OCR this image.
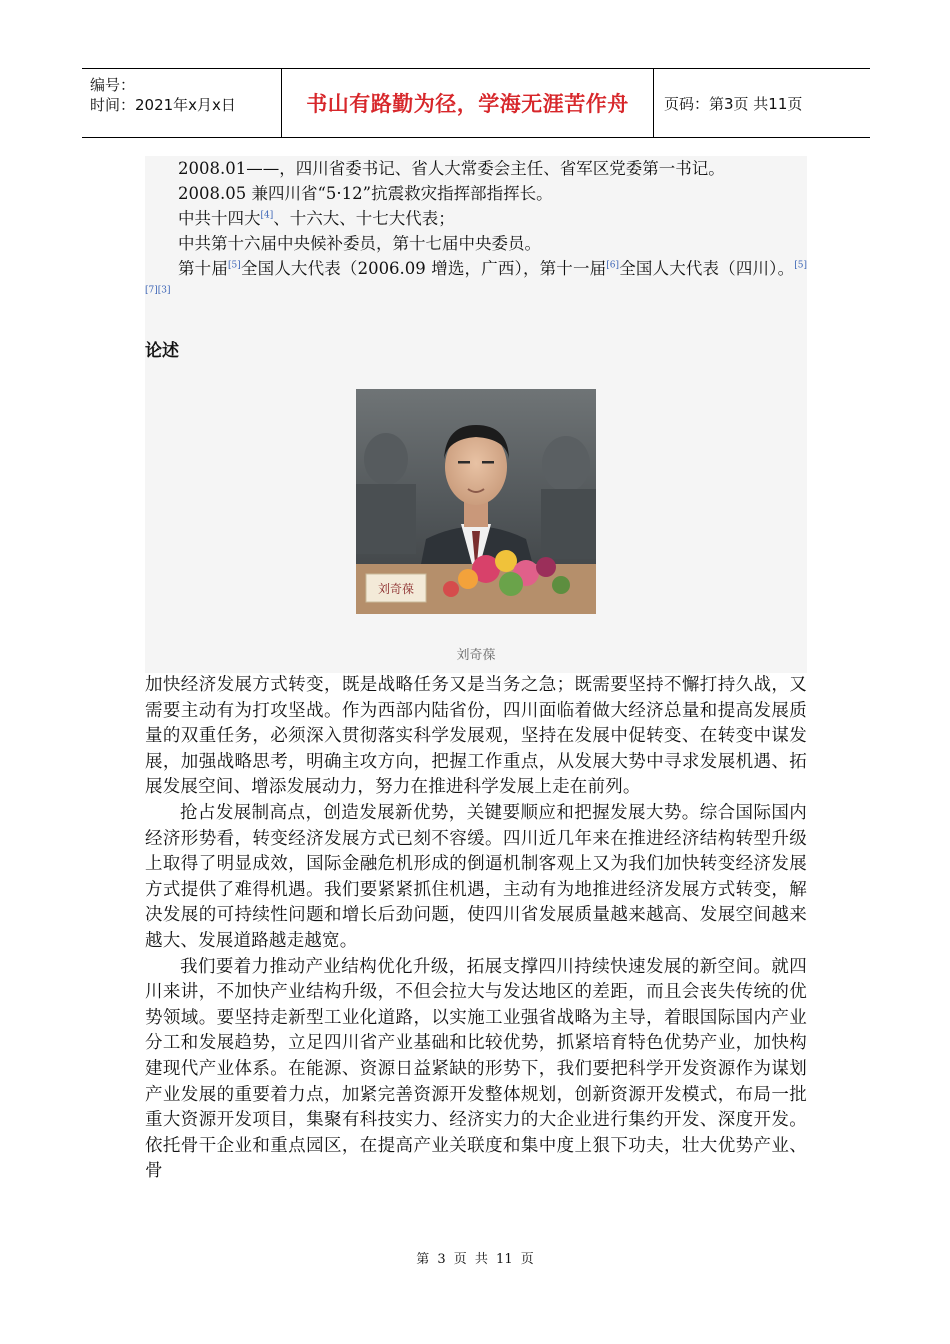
编号：
时间：2021年x月x日	书山有路勤为径，学海无涯苦作舟	页码：第3页 共11页

2008.01——，四川省委书记、省人大常委会主任、省军区党委第一书记。

2008.05 兼四川省“5·12”抗震救灾指挥部指挥长。

中共十四大[4]、十六大、十七大代表；

中共第十六届中央候补委员，第十七届中央委员。

第十届[5]全国人大代表（2006.09 增选，广西），第十一届[6]全国人大代表（四川）。[5][7][3]

论述
刘奇葆
刘奇葆

加快经济发展方式转变，既是战略任务又是当务之急；既需要坚持不懈打持久战，又需要主动有为打攻坚战。作为西部内陆省份，四川面临着做大经济总量和提高发展质量的双重任务，必须深入贯彻落实科学发展观，坚持在发展中促转变、在转变中谋发展，加强战略思考，明确主攻方向，把握工作重点，从发展大势中寻求发展机遇、拓展发展空间、增添发展动力，努力在推进科学发展上走在前列。

抢占发展制高点，创造发展新优势，关键要顺应和把握发展大势。综合国际国内经济形势看，转变经济发展方式已刻不容缓。四川近几年来在推进经济结构转型升级上取得了明显成效，国际金融危机形成的倒逼机制客观上又为我们加快转变经济发展方式提供了难得机遇。我们要紧紧抓住机遇，主动有为地推进经济发展方式转变，解决发展的可持续性问题和增长后劲问题，使四川省发展质量越来越高、发展空间越来越大、发展道路越走越宽。

我们要着力推动产业结构优化升级，拓展支撑四川持续快速发展的新空间。就四川来讲，不加快产业结构升级，不但会拉大与发达地区的差距，而且会丧失传统的优势领域。要坚持走新型工业化道路，以实施工业强省战略为主导，着眼国际国内产业分工和发展趋势，立足四川省产业基础和比较优势，抓紧培育特色优势产业，加快构建现代产业体系。在能源、资源日益紧缺的形势下，我们要把科学开发资源作为谋划产业发展的重要着力点，加紧完善资源开发整体规划，创新资源开发模式，布局一批重大资源开发项目，集聚有科技实力、经济实力的大企业进行集约开发、深度开发。依托骨干企业和重点园区，在提高产业关联度和集中度上狠下功夫，壮大优势产业、骨

第 3 页 共 11 页
